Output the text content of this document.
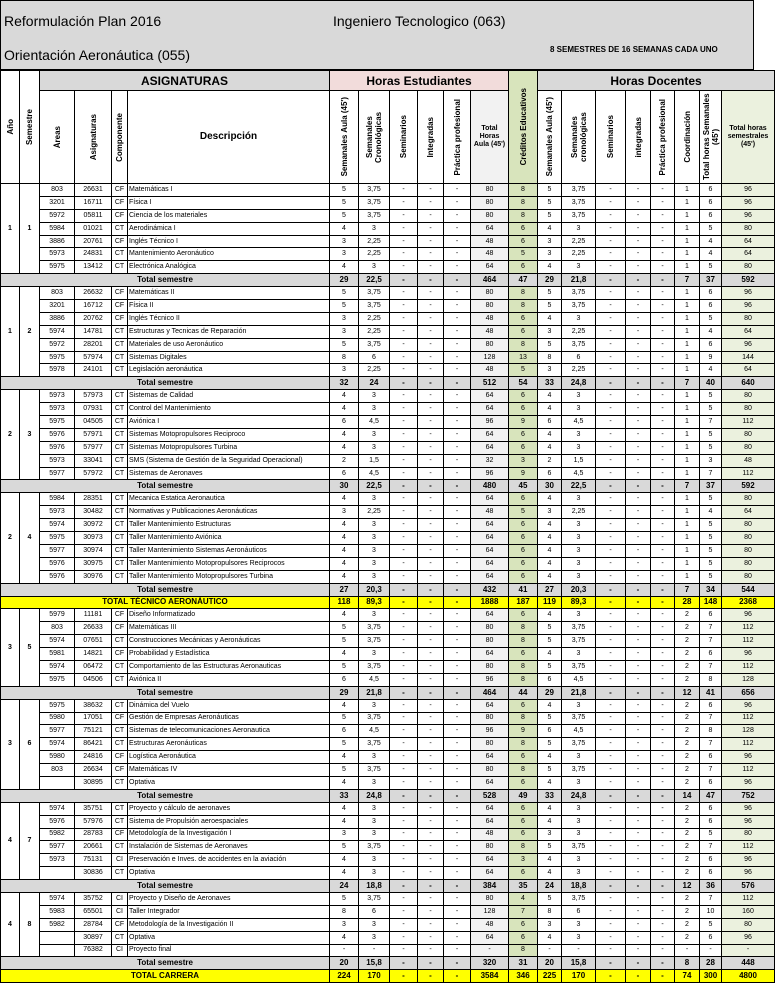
Reformulación Plan 2016	Ingeniero Tecnologico (063)
Orientación Aeronáutica (055)	8 SEMESTRES DE 16 SEMANAS CADA UNO
Año	Semestre	ASIGNATURAS				Horas Estudiantes						Créditos Educativos	Horas Docentes							

		Áreas	Asignaturas	Componente	Descripción	Semanales Aula (45')	Semanales Cronológicas	Seminarios	Integradas	Práctica profesional	Total Horas Aula (45')		Semanales Aula (45')	Semanales cronológicas	Seminarios	integradas	Práctica profesional	Coordinación	Total horas Semanales (45')	Total horas semestrales (45')
1	1	803	26631	CF	Matemáticas I	5	3,75	-	-	-	80	8	5	3,75	-	-	-	1	6	96
		3201	16711	CF	Física I	5	3,75	-	-	-	80	8	5	3,75	-	-	-	1	6	96
		5972	05811	CF	Ciencia de los materiales	5	3,75	-	-	-	80	8	5	3,75	-	-	-	1	6	96
		5984	01021	CT	Aerodinámica I	4	3	-	-	-	64	6	4	3	-	-	-	1	5	80
		3886	20761	CF	Inglés Técnico I	3	2,25	-	-	-	48	6	3	2,25	-	-	-	1	4	64
		5973	24831	CT	Mantenimiento Aeronáutico	3	2,25	-	-	-	48	5	3	2,25	-	-	-	1	4	64
		5975	13412	CT	Electrónica Analógica	4	3	-	-	-	64	6	4	3	-	-	-	1	5	80
Total semestre						29	22,5	-	-	-	464	47	29	21,8	-	-	-	7	37	592
1	2	803	26632	CF	Matemáticas II	5	3,75	-	-	-	80	8	5	3,75	-	-	-	1	6	96
		3201	16712	CF	Física II	5	3,75	-	-	-	80	8	5	3,75	-	-	-	1	6	96
		3886	20762	CF	Inglés Técnico II	3	2,25	-	-	-	48	6	4	3	-	-	-	1	5	80
		5974	14781	CT	Estructuras y Tecnicas de Reparación	3	2,25	-	-	-	48	6	3	2,25	-	-	-	1	4	64
		5972	28201	CT	Materiales de uso Aeronáutico	5	3,75	-	-	-	80	8	5	3,75	-	-	-	1	6	96
		5975	57974	CT	Sistemas Digitales	8	6	-	-	-	128	13	8	6	-	-	-	1	9	144
		5978	24101	CT	Legislación aeronáutica	3	2,25	-	-	-	48	5	3	2,25	-	-	-	1	4	64
Total semestre						32	24	-	-	-	512	54	33	24,8	-	-	-	7	40	640
2	3	5973	57973	CT	Sistemas de Calidad	4	3	-	-	-	64	6	4	3	-	-	-	1	5	80
		5973	07931	CT	Control del Mantenimiento	4	3	-	-	-	64	6	4	3	-	-	-	1	5	80
		5975	04505	CT	Aviónica I	6	4,5	-	-	-	96	9	6	4,5	-	-	-	1	7	112
		5976	57971	CT	Sistemas Motopropulsores Reciproco	4	3	-	-	-	64	6	4	3	-	-	-	1	5	80
		5976	57977	CT	Sistemas Motopropulsores Turbina	4	3	-	-	-	64	6	4	3	-	-	-	1	5	80
		5973	33041	CT	SMS (Sistema de Gestión de la Seguridad Operacional)	2	1,5	-	-	-	32	3	2	1,5	-	-	-	1	3	48
		5977	57972	CT	Sistemas de Aeronaves	6	4,5	-	-	-	96	9	6	4,5	-	-	-	1	7	112
Total semestre						30	22,5	-	-	-	480	45	30	22,5	-	-	-	7	37	592
2	4	5984	28351	CT	Mecanica Estatica Aeronautica	4	3	-	-	-	64	6	4	3	-	-	-	1	5	80
		5973	30482	CT	Normativas y Publicaciones Aeronáuticas	3	2,25	-	-	-	48	5	3	2,25	-	-	-	1	4	64
		5974	30972	CT	Taller Mantenimiento Estructuras	4	3	-	-	-	64	6	4	3	-	-	-	1	5	80
		5975	30973	CT	Taller Mantenimiento Aviónica	4	3	-	-	-	64	6	4	3	-	-	-	1	5	80
		5977	30974	CT	Taller Mantenimiento Sistemas Aeronáuticos	4	3	-	-	-	64	6	4	3	-	-	-	1	5	80
		5976	30975	CT	Taller Mantenimiento Motopropulsores Reciprocos	4	3	-	-	-	64	6	4	3	-	-	-	1	5	80
		5976	30976	CT	Taller Mantenimiento Motopropulsores Turbina	4	3	-	-	-	64	6	4	3	-	-	-	1	5	80
Total semestre						27	20,3	-	-	-	432	41	27	20,3	-	-	-	7	34	544
TOTAL TÉCNICO AERONÁUTICO						118	89,3	-	-	-	1888	187	119	89,3	-	-	-	28	148	2368
3	5	5979	11181	CF	Diseño Informatizado	4	3	-	-	-	64	6	4	3	-	-	-	2	6	96
		803	26633	CF	Matemáticas III	5	3,75	-	-	-	80	8	5	3,75	-	-	-	2	7	112
		5974	07651	CT	Construcciones Mecánicas y Aeronáuticas	5	3,75	-	-	-	80	8	5	3,75	-	-	-	2	7	112
		5981	14821	CF	Probabilidad y Estadística	4	3	-	-	-	64	6	4	3	-	-	-	2	6	96
		5974	06472	CT	Comportamiento de las Estructuras Aeronauticas	5	3,75	-	-	-	80	8	5	3,75	-	-	-	2	7	112
		5975	04506	CT	Aviónica II	6	4,5	-	-	-	96	8	6	4,5	-	-	-	2	8	128
Total semestre						29	21,8	-	-	-	464	44	29	21,8	-	-	-	12	41	656
3	6	5975	38632	CT	Dinámica del Vuelo	4	3	-	-	-	64	6	4	3	-	-	-	2	6	96
		5980	17051	CF	Gestión de Empresas Aeronáuticas	5	3,75	-	-	-	80	8	5	3,75	-	-	-	2	7	112
		5977	75121	CT	Sistemas de telecomunicaciones Aeronautica	6	4,5	-	-	-	96	9	6	4,5	-	-	-	2	8	128
		5974	86421	CT	Estructuras Aeronáuticas	5	3,75	-	-	-	80	8	5	3,75	-	-	-	2	7	112
		5980	24816	CF	Logística Aeronáutica	4	3	-	-	-	64	6	4	3	-	-	-	2	6	96
		803	26634	CF	Matemáticas IV	5	3,75	-	-	-	80	8	5	3,75	-	-	-	2	7	112
			30895	CT	Optativa	4	3	-	-	-	64	6	4	3	-	-	-	2	6	96
Total semestre						33	24,8	-	-	-	528	49	33	24,8	-	-	-	14	47	752
4	7	5974	35751	CT	Proyecto y cálculo de aeronaves	4	3	-	-	-	64	6	4	3	-	-	-	2	6	96
		5976	57976	CT	Sistema de Propulsión aeroespaciales	4	3	-	-	-	64	6	4	3	-	-	-	2	6	96
		5982	28783	CF	Metodología de la Investigación I	3	3	-	-	-	48	6	3	3	-	-	-	2	5	80
		5977	20661	CT	Instalación de Sistemas de Aeronaves	5	3,75	-	-	-	80	8	5	3,75	-	-	-	2	7	112
		5973	75131	CI	Preservación e Inves. de accidentes en la aviación	4	3	-	-	-	64	3	4	3	-	-	-	2	6	96
			30836	CT	Optativa	4	3	-	-	-	64	6	4	3	-	-	-	2	6	96
Total semestre						24	18,8	-	-	-	384	35	24	18,8	-	-	-	12	36	576
4	8	5974	35752	CI	Proyecto y Diseño de Aeronaves	5	3,75	-	-	-	80	4	5	3,75	-	-	-	2	7	112
		5983	65501	CI	Taller Integrador	8	6	-	-	-	128	7	8	6	-	-	-	2	10	160
		5982	28784	CF	Metodología de la Investigación II	3	3	-	-	-	48	6	3	3	-	-	-	2	5	80
			30897	CT	Optativa	4	3	-	-	-	64	6	4	3	-	-	-	2	6	96
			76382	CI	Proyecto final	-	-	-	-	-	-	8	-	-	-	-	-	-	-	-
Total semestre						20	15,8	-	-	-	320	31	20	15,8	-	-	-	8	28	448
TOTAL CARRERA						224	170	-	-	-	3584	346	225	170	-	-	-	74	300	4800
